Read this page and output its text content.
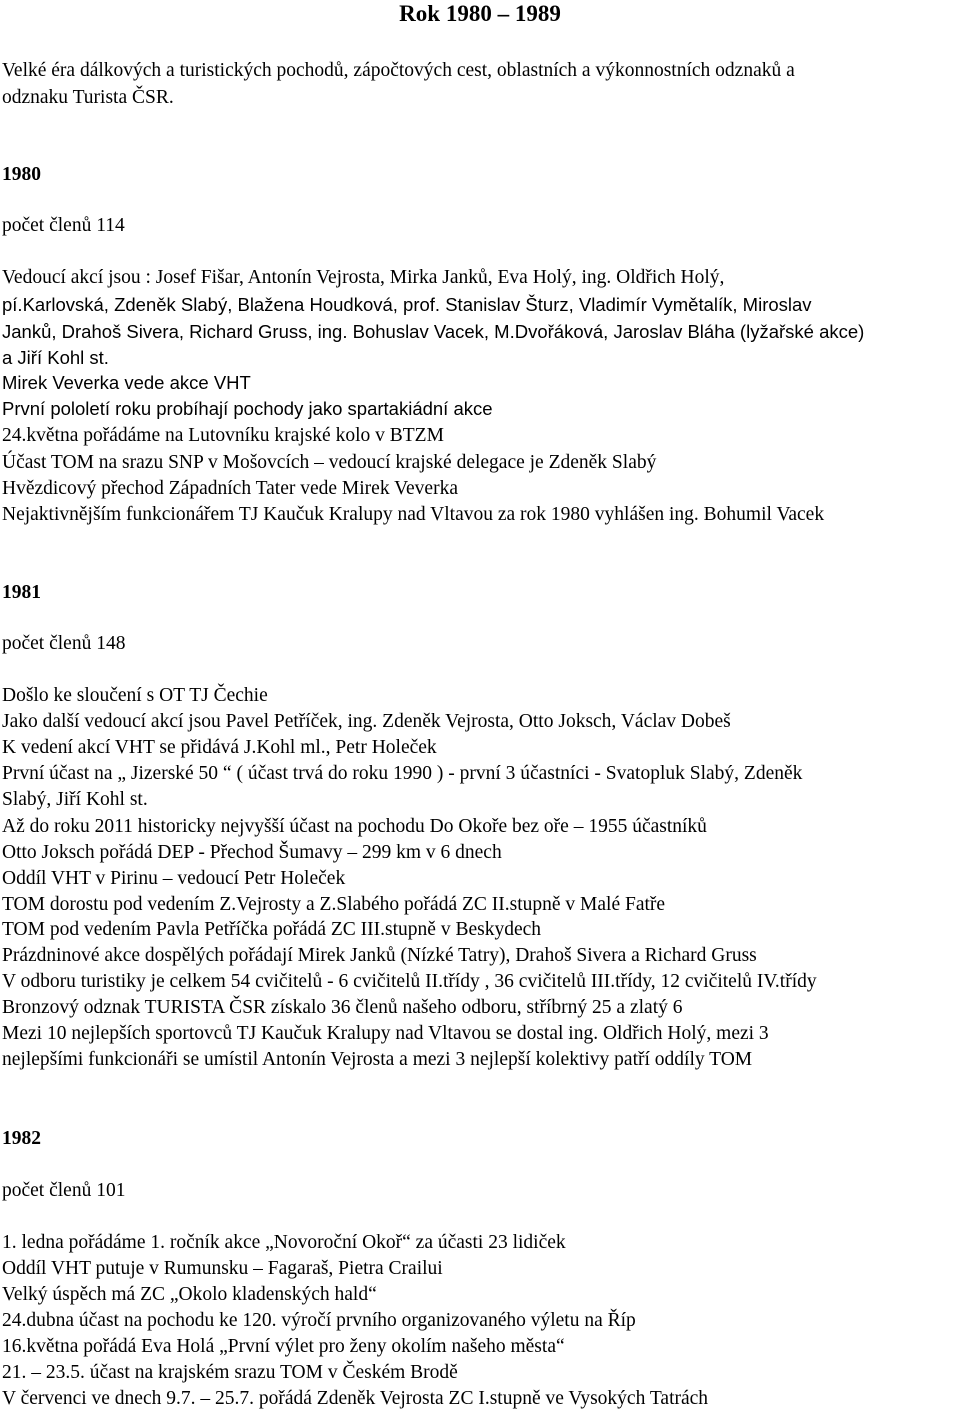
Rok 1980 – 1989
Velké éra dálkových a turistických pochodů, zápočtových cest, oblastních a výkonnostních odznaků a
odznaku Turista ČSR.
1980
počet členů 114
Vedoucí akcí jsou : Josef Fišar, Antonín Vejrosta, Mirka Janků, Eva Holý, ing. Oldřich Holý,
pí.Karlovská, Zdeněk Slabý, Blažena Houdková, prof. Stanislav Šturz, Vladimír Vymětalík, Miroslav
Janků, Drahoš Sivera, Richard Gruss, ing. Bohuslav Vacek, M.Dvořáková, Jaroslav Bláha (lyžařské akce)
a Jiří Kohl st.
Mirek Veverka vede akce VHT
První pololetí roku probíhají pochody jako spartakiádní akce
24.května pořádáme na Lutovníku krajské kolo v BTZM
Účast TOM na srazu SNP v Mošovcích – vedoucí krajské delegace je Zdeněk Slabý
Hvězdicový přechod Západních Tater vede Mirek Veverka
Nejaktivnějším funkcionářem TJ Kaučuk Kralupy nad Vltavou za rok 1980 vyhlášen ing. Bohumil Vacek
1981
počet členů 148
Došlo ke sloučení s OT TJ Čechie
Jako další vedoucí akcí jsou Pavel Petříček, ing. Zdeněk Vejrosta, Otto Joksch, Václav Dobeš
K vedení akcí VHT se přidává J.Kohl ml., Petr Holeček
První účast na „ Jizerské 50 “ ( účast trvá do roku 1990 ) - první 3 účastníci - Svatopluk Slabý, Zdeněk
Slabý, Jiří Kohl st.
Až do roku 2011 historicky nejvyšší účast na pochodu Do Okoře bez oře – 1955 účastníků
Otto Joksch pořádá DEP - Přechod Šumavy – 299 km v 6 dnech
Oddíl VHT v Pirinu – vedoucí Petr Holeček
TOM dorostu pod vedením Z.Vejrosty a Z.Slabého pořádá ZC II.stupně v Malé Fatře
TOM pod vedením Pavla Petříčka pořádá ZC III.stupně v Beskydech
Prázdninové akce dospělých pořádají Mirek Janků (Nízké Tatry), Drahoš Sivera a Richard Gruss
V odboru turistiky je celkem 54 cvičitelů - 6 cvičitelů II.třídy , 36 cvičitelů III.třídy, 12 cvičitelů IV.třídy
Bronzový odznak TURISTA ČSR získalo 36 členů našeho odboru, stříbrný 25 a zlatý 6
Mezi 10 nejlepších sportovců TJ Kaučuk Kralupy nad Vltavou se dostal ing. Oldřich Holý, mezi 3
nejlepšími funkcionáři se umístil Antonín Vejrosta a mezi 3 nejlepší kolektivy patří oddíly TOM
1982
počet členů 101
1. ledna pořádáme 1. ročník akce „Novoroční Okoř“ za účasti 23 lidiček
Oddíl VHT putuje v Rumunsku – Fagaraš, Pietra Crailui
Velký úspěch má ZC „Okolo kladenských hald“
24.dubna účast na pochodu ke 120. výročí prvního organizovaného výletu na Říp
16.května pořádá Eva Holá „První výlet pro ženy okolím našeho města“
21. – 23.5. účast na krajském srazu TOM v Českém Brodě
V červenci ve dnech 9.7. – 25.7. pořádá Zdeněk Vejrosta ZC I.stupně ve Vysokých Tatrách
